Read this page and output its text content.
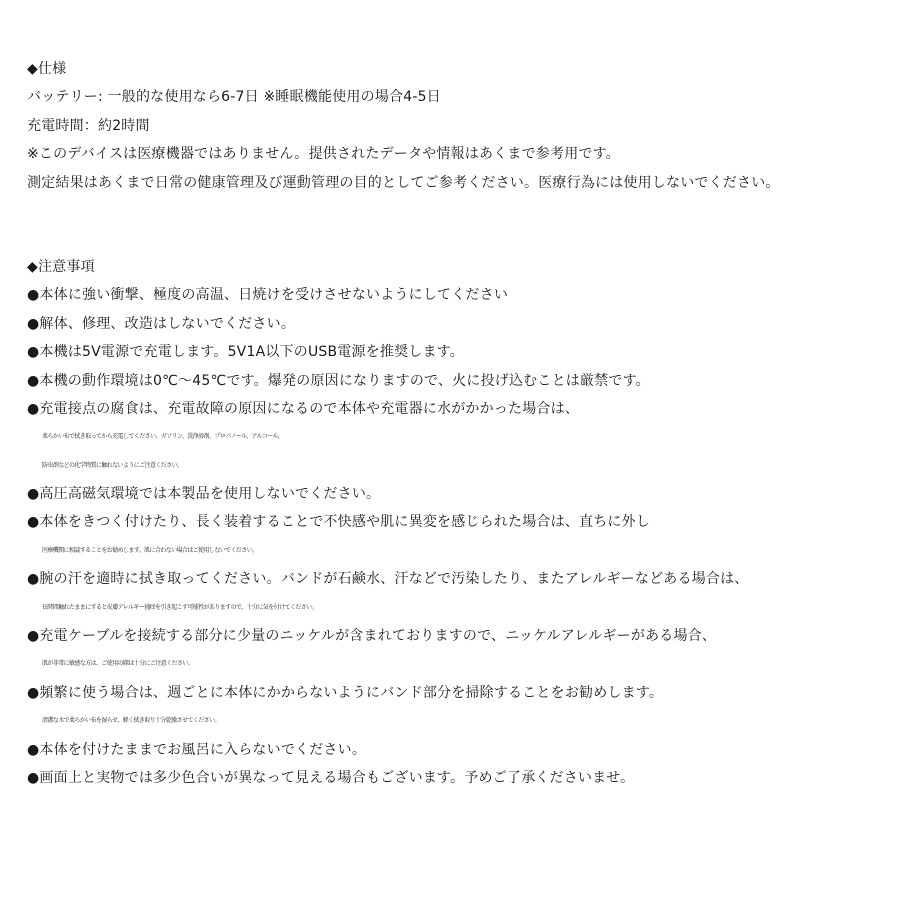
◆仕様
バッテリー: 一般的な使用なら6-7日 ※睡眠機能使用の場合4-5日
充電時間：約2時間
※このデバイスは医療機器ではありません。提供されたデータや情報はあくまで参考用です。
測定結果はあくまで日常の健康管理及び運動管理の目的としてご参考ください。医療行為には使用しないでください。
◆注意事項
●本体に強い衝撃、極度の高温、日焼けを受けさせないようにしてください
●解体、修理、改造はしないでください。
●本機は5V電源で充電します。5V1A以下のUSB電源を推奨します。
●本機の動作環境は0℃〜45℃です。爆発の原因になりますので、火に投げ込むことは厳禁です。
●充電接点の腐食は、充電故障の原因になるので本体や充電器に水がかかった場合は、
柔らかい布で拭き取ってから充電してください。ガソリン、洗浄溶剤、プロパノール、アルコール、
防虫剤などの化学物質に触れないようにご注意ください。
●高圧高磁気環境では本製品を使用しないでください。
●本体をきつく付けたり、長く装着することで不快感や肌に異変を感じられた場合は、直ちに外し
医療機関に相談することをお勧めします。肌に合わない場合はご使用しないでください。
●腕の汗を適時に拭き取ってください。バンドが石鹸水、汗などで汚染したり、またアレルギーなどある場合は、
長時間触れたままにすると皮膚アレルギー掻痒を引き起こす可能性がありますので、十分に気を付けてください。
●充電ケーブルを接続する部分に少量のニッケルが含まれておりますので、ニッケルアレルギーがある場合、
肌が非常に敏感な方は、ご使用の際は十分にご注意ください。
●頻繁に使う場合は、週ごとに本体にかからないようにバンド部分を掃除することをお勧めします。
清潔な水で柔らかい布を湿らせ、軽く拭き取り十分乾燥させてください。
●本体を付けたままでお風呂に入らないでください。
●画面上と実物では多少色合いが異なって見える場合もございます。予めご了承くださいませ。
